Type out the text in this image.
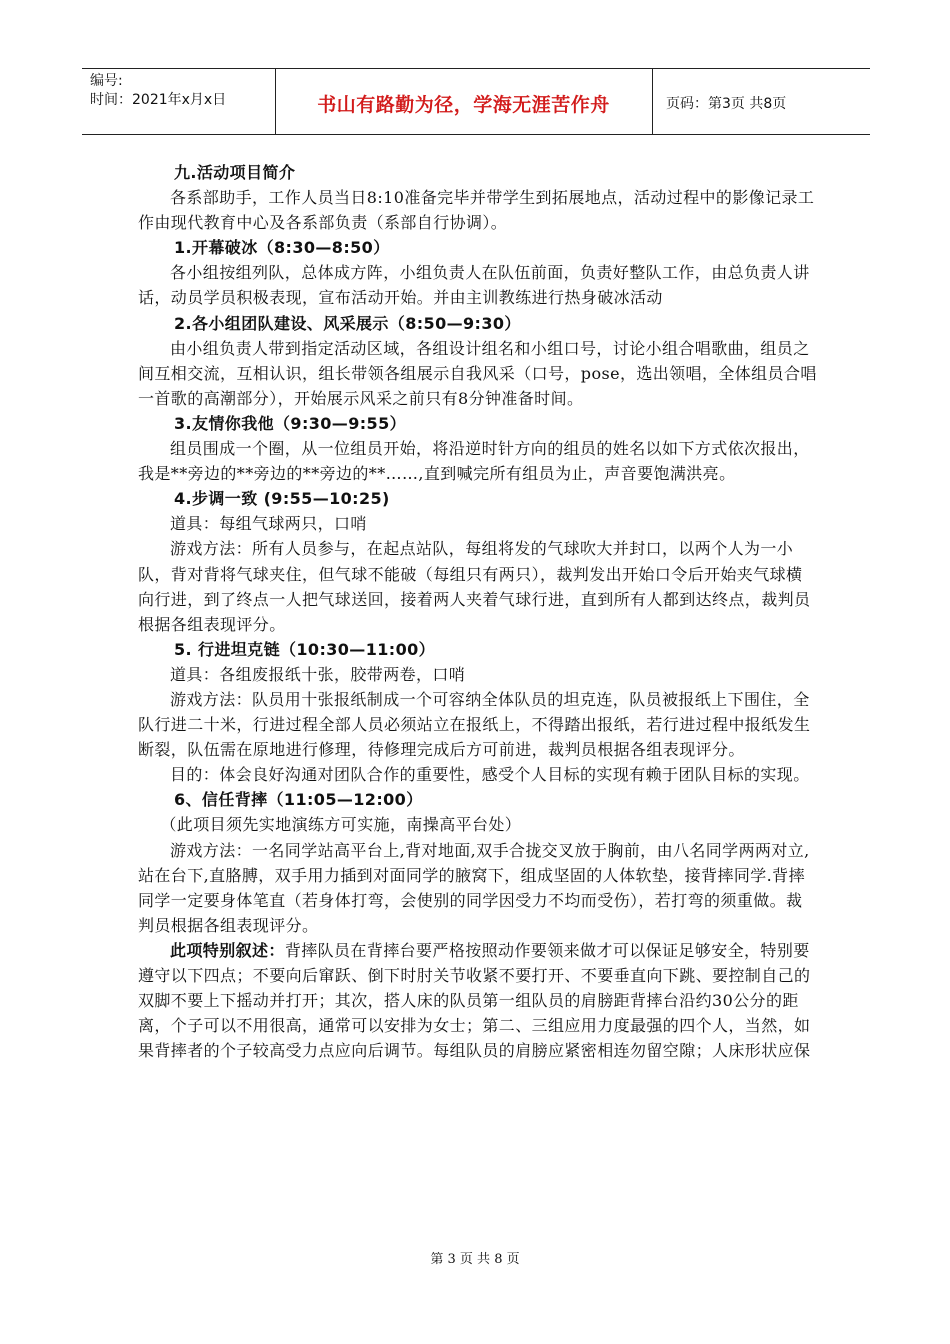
编号:
时间：2021年x月x日	书山有路勤为径，学海无涯苦作舟	页码：第3页 共8页

九.活动项目简介

各系部助手，工作人员当日8:10准备完毕并带学生到拓展地点，活动过程中的影像记录工作由现代教育中心及各系部负责（系部自行协调）。

1.开幕破冰（8:30—8:50）

各小组按组列队，总体成方阵，小组负责人在队伍前面，负责好整队工作，由总负责人讲话，动员学员积极表现，宣布活动开始。并由主训教练进行热身破冰活动

2.各小组团队建设、风采展示（8:50—9:30）

由小组负责人带到指定活动区域，各组设计组名和小组口号，讨论小组合唱歌曲，组员之间互相交流，互相认识，组长带领各组展示自我风采（口号，pose，选出领唱，全体组员合唱一首歌的高潮部分），开始展示风采之前只有8分钟准备时间。

3.友情你我他（9:30—9:55）

组员围成一个圈，从一位组员开始，将沿逆时针方向的组员的姓名以如下方式依次报出，我是**旁边的**旁边的**旁边的**……,直到喊完所有组员为止，声音要饱满洪亮。

4.步调一致 (9:55—10:25)

道具：每组气球两只，口哨

游戏方法：所有人员参与，在起点站队，每组将发的气球吹大并封口，以两个人为一小队，背对背将气球夹住，但气球不能破（每组只有两只），裁判发出开始口令后开始夹气球横向行进，到了终点一人把气球送回，接着两人夹着气球行进，直到所有人都到达终点，裁判员根据各组表现评分。

5. 行进坦克链（10:30—11:00）

道具：各组废报纸十张，胶带两卷，口哨

游戏方法：队员用十张报纸制成一个可容纳全体队员的坦克连，队员被报纸上下围住，全队行进二十米，行进过程全部人员必须站立在报纸上，不得踏出报纸，若行进过程中报纸发生断裂，队伍需在原地进行修理，待修理完成后方可前进，裁判员根据各组表现评分。

目的：体会良好沟通对团队合作的重要性，感受个人目标的实现有赖于团队目标的实现。

6、信任背摔（11:05—12:00）

（此项目须先实地演练方可实施，南操高平台处）

游戏方法：一名同学站高平台上,背对地面,双手合拢交叉放于胸前，由八名同学两两对立,站在台下,直胳膊，双手用力插到对面同学的腋窝下，组成坚固的人体软垫，接背摔同学.背摔同学一定要身体笔直（若身体打弯，会使别的同学因受力不均而受伤），若打弯的须重做。裁判员根据各组表现评分。

此项特别叙述：背摔队员在背摔台要严格按照动作要领来做才可以保证足够安全，特别要遵守以下四点；不要向后窜跃、倒下时肘关节收紧不要打开、不要垂直向下跳、要控制自己的双脚不要上下摇动并打开；其次，搭人床的队员第一组队员的肩膀距背摔台沿约30公分的距离，个子可以不用很高，通常可以安排为女士；第二、三组应用力度最强的四个人，当然，如果背摔者的个子较高受力点应向后调节。每组队员的肩膀应紧密相连勿留空隙；人床形状应保

第 3 页 共 8 页
